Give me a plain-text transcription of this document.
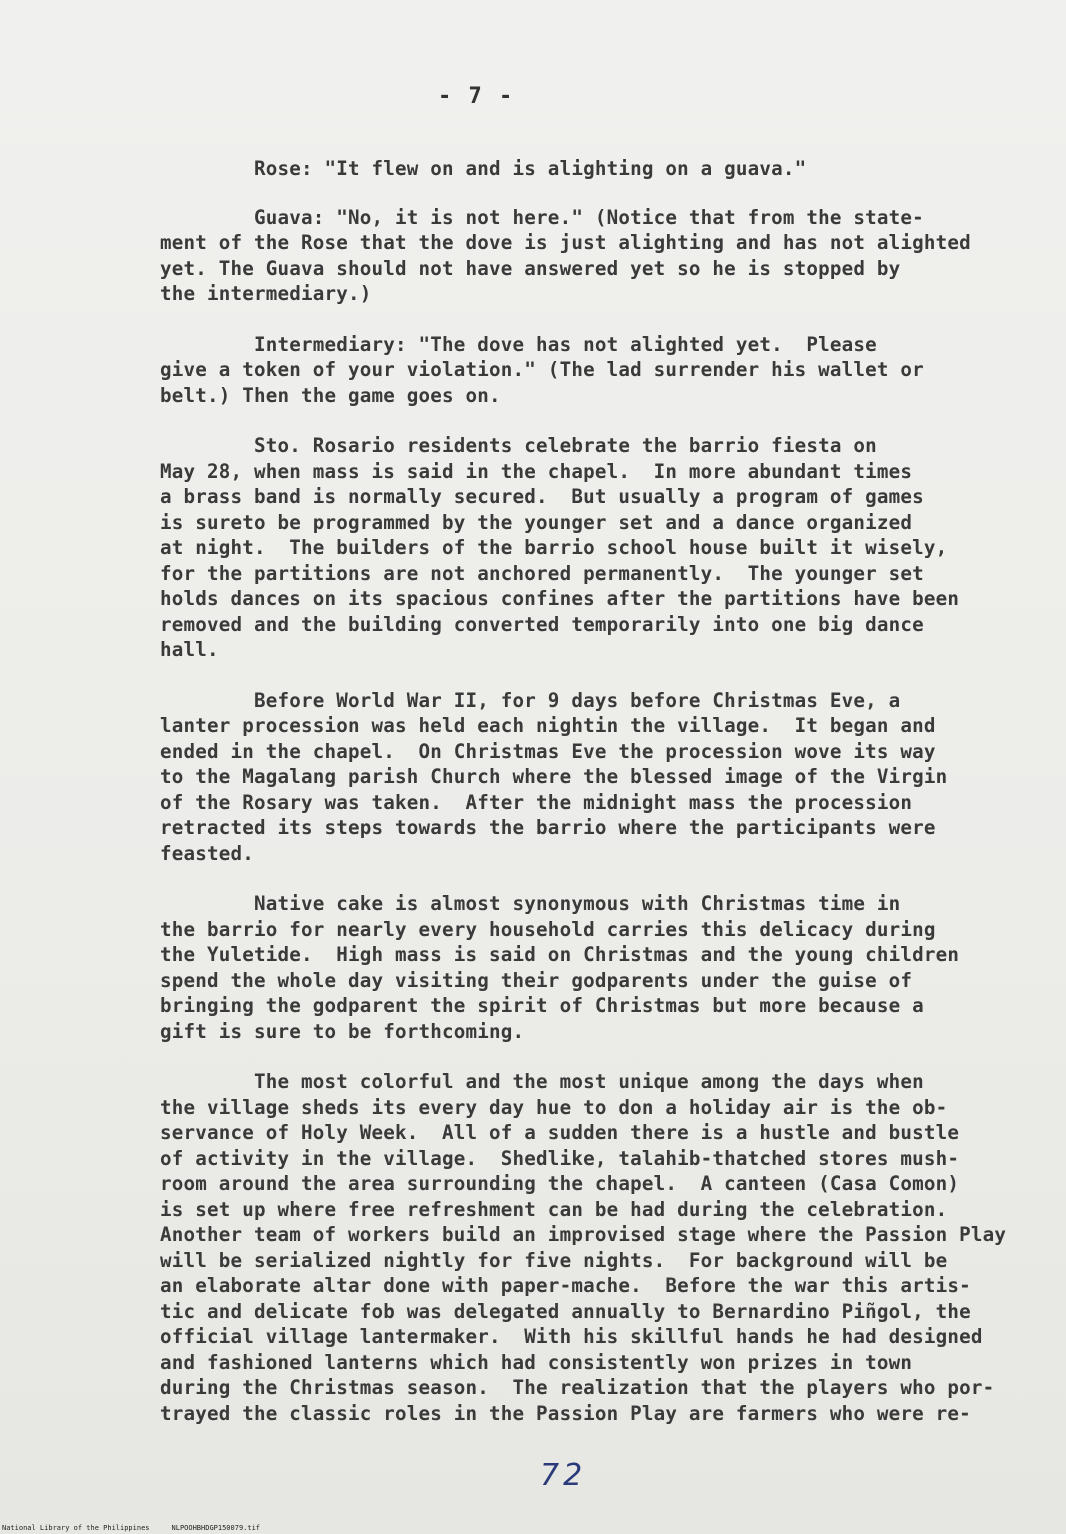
- 7 -

Rose: "It flew on and is alighting on a guava."

Guava: "No, it is not here." (Notice that from the state-
ment of the Rose that the dove is just alighting and has not alighted
yet. The Guava should not have answered yet so he is stopped by
the intermediary.)

Intermediary: "The dove has not alighted yet.  Please
give a token of your violation." (The lad surrender his wallet or
belt.) Then the game goes on.

Sto. Rosario residents celebrate the barrio fiesta on
May 28, when mass is said in the chapel.  In more abundant times
a brass band is normally secured.  But usually a program of games
is sureto be programmed by the younger set and a dance organized
at night.  The builders of the barrio school house built it wisely,
for the partitions are not anchored permanently.  The younger set
holds dances on its spacious confines after the partitions have been
removed and the building converted temporarily into one big dance
hall.

Before World War II, for 9 days before Christmas Eve, a
lanter procession was held each nightin the village.  It began and
ended in the chapel.  On Christmas Eve the procession wove its way
to the Magalang parish Church where the blessed image of the Virgin
of the Rosary was taken.  After the midnight mass the procession
retracted its steps towards the barrio where the participants were
feasted.

Native cake is almost synonymous with Christmas time in
the barrio for nearly every household carries this delicacy during
the Yuletide.  High mass is said on Christmas and the young children
spend the whole day visiting their godparents under the guise of
bringing the godparent the spirit of Christmas but more because a
gift is sure to be forthcoming.

The most colorful and the most unique among the days when
the village sheds its every day hue to don a holiday air is the ob-
servance of Holy Week.  All of a sudden there is a hustle and bustle
of activity in the village.  Shedlike, talahib-thatched stores mush-
room around the area surrounding the chapel.  A canteen (Casa Comon)
is set up where free refreshment can be had during the celebration.
Another team of workers build an improvised stage where the Passion Play
will be serialized nightly for five nights.  For background will be
an elaborate altar done with paper-mache.  Before the war this artis-
tic and delicate fob was delegated annually to Bernardino Piñgol, the
official village lantermaker.  With his skillful hands he had designed
and fashioned lanterns which had consistently won prizes in town
during the Christmas season.  The realization that the players who por-
trayed the classic roles in the Passion Play are farmers who were re-

72
National Library of the Philippines	NLPOOHBHDGP150079.tif
